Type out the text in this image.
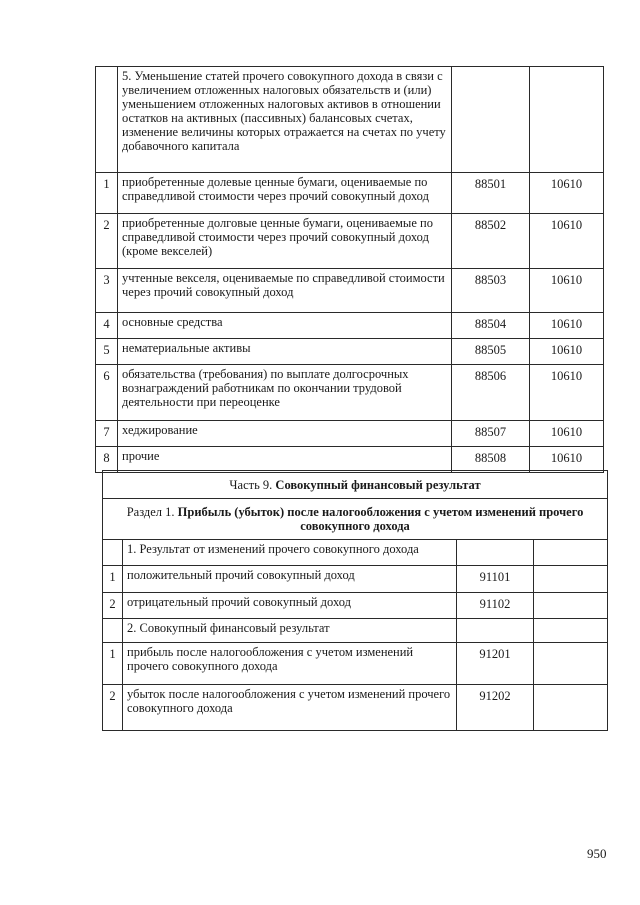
	5. Уменьшение статей прочего совокупного дохода в связи с увеличением отложенных налоговых обязательств и (или) уменьшением отложенных налоговых активов в отношении остатков на активных (пассивных) балансовых счетах, изменение величины которых отражается на счетах по учету добавочного капитала		
1	приобретенные долевые ценные бумаги, оцениваемые по справедливой стоимости через прочий совокупный доход	88501	10610
2	приобретенные долговые ценные бумаги, оцениваемые по справедливой стоимости через прочий совокупный доход (кроме векселей)	88502	10610
3	учтенные векселя, оцениваемые по справедливой стоимости через прочий совокупный доход	88503	10610
4	основные средства	88504	10610
5	нематериальные активы	88505	10610
6	обязательства (требования) по выплате долгосрочных вознаграждений работникам по окончании трудовой деятельности при переоценке	88506	10610
7	хеджирование	88507	10610
8	прочие	88508	10610
Часть 9. Совокупный финансовый результат			
Раздел 1. Прибыль (убыток) после налогообложения с учетом изменений прочего совокупного дохода			
	1. Результат от изменений прочего совокупного дохода		
1	положительный прочий совокупный доход	91101	
2	отрицательный прочий совокупный доход	91102	
	2. Совокупный финансовый результат		
1	прибыль после налогообложения с учетом изменений прочего совокупного дохода	91201	
2	убыток после налогообложения с учетом изменений прочего совокупного дохода	91202	
950
